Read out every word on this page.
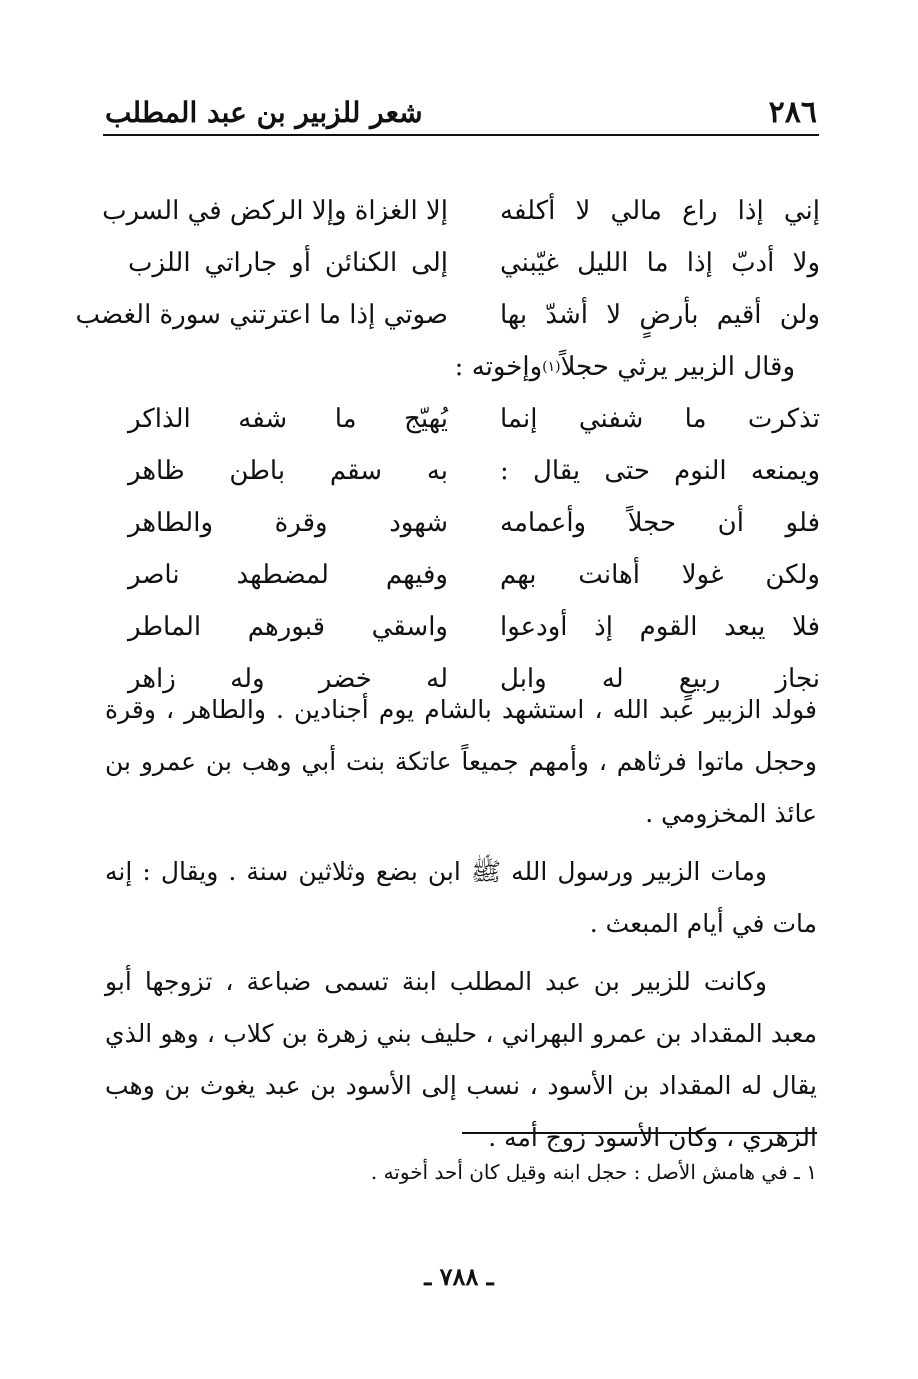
٢٨٦
شعر للزبير بن عبد المطلب
إني إذا راع مالي لا أكلفه
إلا الغزاة وإلا الركض في السرب
ولا أدبّ إذا ما الليل غيّبني
إلى الكنائن أو جاراتي اللزب
ولن أقيم بأرضٍ لا أشدّ بها
صوتي إذا ما اعترتني سورة الغضب
وقال الزبير يرثي حجلاً
(١)
وإخوته :
تذكرت ما شفني إنما
يُهيّج ما شفه الذاكر
ويمنعه النوم حتى يقال :
به سقم باطن ظاهر
فلو أن حجلاً وأعمامه
شهود وقرة والطاهر
ولكن غولا أهانت بهم
وفيهم لمضطهد ناصر
فلا يبعد القوم إذ أودعوا
واسقي قبورهم الماطر
نجاز ربيعٍ له وابل
له خضر وله زاهر

فولد الزبير عبد الله ، استشهد بالشام يوم أجنادين . والطاهر ، وقرة وحجل ماتوا فرثاهم ، وأمهم جميعاً عاتكة بنت أبي وهب بن عمرو بن عائذ المخزومي .

ومات الزبير ورسول الله ﷺ ابن بضع وثلاثين سنة . ويقال : إنه مات في أيام المبعث .

وكانت للزبير بن عبد المطلب ابنة تسمى ضباعة ، تزوجها أبو معبد المقداد بن عمرو البهراني ، حليف بني زهرة بن كلاب ، وهو الذي يقال له المقداد بن الأسود ، نسب إلى الأسود بن عبد يغوث بن وهب الزهري ، وكان الأسود زوج أمه .

١ ـ في هامش الأصل : حجل ابنه وقيل كان أحد أخوته .
ـ ٧٨٨ ـ
